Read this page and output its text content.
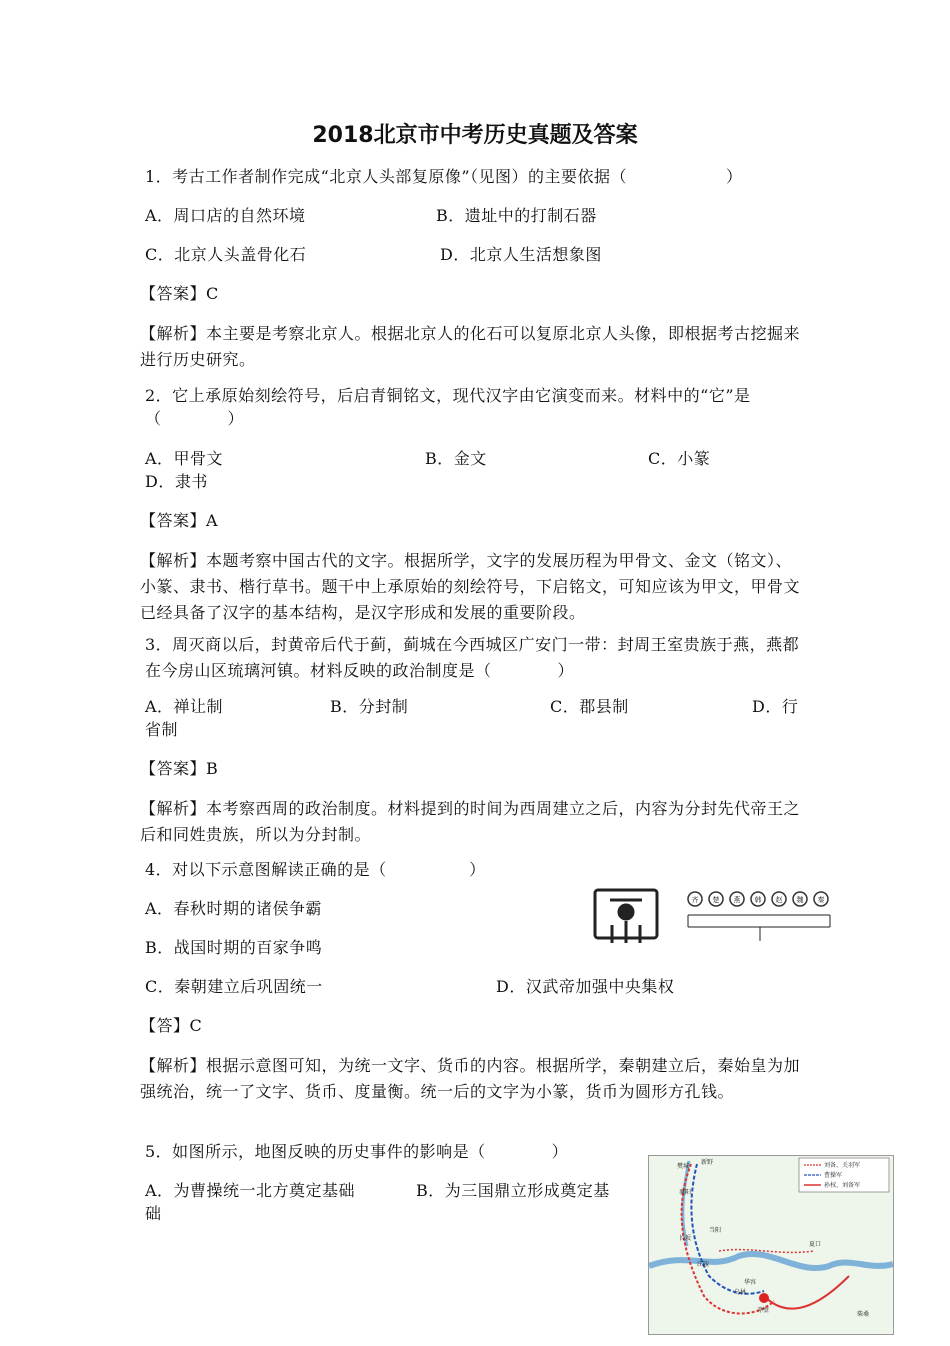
2018北京市中考历史真题及答案
1．考古工作者制作完成“北京人头部复原像”（见图）的主要依据（　　　　　　）
A．周口店的自然环境	B．遗址中的打制石器
C．北京人头盖骨化石	D．北京人生活想象图
【答案】C
【解析】本主要是考察北京人。根据北京人的化石可以复原北京人头像，即根据考古挖掘来进行历史研究。
2．它上承原始刻绘符号，后启青铜铭文，现代汉字由它演变而来。材料中的“它”是
（　　　　）
A．甲骨文	B．金文	C．小篆
D．隶书
【答案】A
【解析】本题考察中国古代的文字。根据所学，文字的发展历程为甲骨文、金文（铭文）、小篆、隶书、楷行草书。题干中上承原始的刻绘符号，下启铭文，可知应该为甲文，甲骨文已经具备了汉字的基本结构，是汉字形成和发展的重要阶段。
3．周灭商以后，封黄帝后代于蓟，蓟城在今西城区广安门一带：封周王室贵族于燕，燕都在今房山区琉璃河镇。材料反映的政治制度是（　　　　）
A．禅让制	B．分封制	C．郡县制	D．行
省制
【答案】B
【解析】本考察西周的政治制度。材料提到的时间为西周建立之后，内容为分封先代帝王之后和同姓贵族，所以为分封制。
4．对以下示意图解读正确的是（　　　　　）
A．春秋时期的诸侯争霸
B．战国时期的百家争鸣
C．秦朝建立后巩固统一	D．汉武帝加强中央集权
【答】C
【解析】根据示意图可知，为统一文字、货币的内容。根据所学，秦朝建立后，秦始皇为加强统治，统一了文字、货币、度量衡。统一后的文字为小篆，货币为圆形方孔钱。
齐 楚 燕 韩 赵 魏 秦
5．如图所示，地图反映的历史事件的影响是（　　　　）
A．为曹操统一北方奠定基础	B．为三国鼎立形成奠定基
础
刘备、关羽军
曹操军
孙权、刘备军
新野
樊城
襄阳
当阳
长坂
江陵
华容
乌林
赤壁
夏口
柴桑
